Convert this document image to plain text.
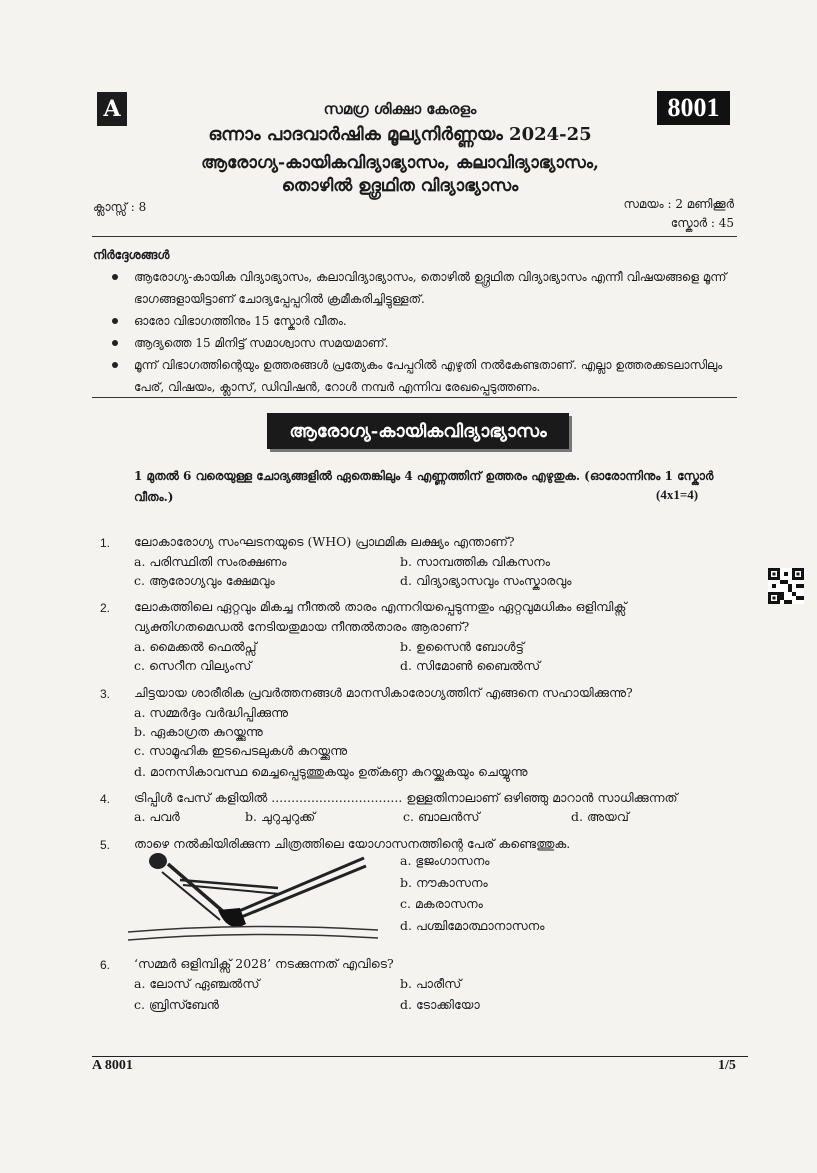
A	8001
സമഗ്ര ശിക്ഷാ കേരളം
ഒന്നാം പാദവാർഷിക മൂല്യനിർണ്ണയം 2024-25
ആരോഗ്യ-കായികവിദ്യാഭ്യാസം, കലാവിദ്യാഭ്യാസം,
തൊഴിൽ ഉദ്ഗ്രഥിത വിദ്യാഭ്യാസം
ക്ലാസ്സ് : 8	സമയം : 2 മണിക്കൂർ
സ്കോർ : 45
നിർദ്ദേശങ്ങൾ
ആരോഗ്യ-കായിക വിദ്യാഭ്യാസം, കലാവിദ്യാഭ്യാസം, തൊഴിൽ ഉദ്ഗ്രഥിത വിദ്യാഭ്യാസം എന്നീ വിഷയങ്ങളെ മൂന്ന് ഭാഗങ്ങളായിട്ടാണ് ചോദ്യപ്പേപ്പറിൽ ക്രമീകരിച്ചിട്ടുള്ളത്.
ഓരോ വിഭാഗത്തിനും 15 സ്കോർ വീതം.
ആദ്യത്തെ 15 മിനിട്ട് സമാശ്വാസ സമയമാണ്.
മൂന്ന് വിഭാഗത്തിന്റെയും ഉത്തരങ്ങൾ പ്രത്യേകം പേപ്പറിൽ എഴുതി നൽകേണ്ടതാണ്. എല്ലാ ഉത്തരക്കടലാസിലും പേര്, വിഷയം, ക്ലാസ്, ഡിവിഷൻ, റോൾ നമ്പർ എന്നിവ രേഖപ്പെടുത്തണം.
ആരോഗ്യ-കായികവിദ്യാഭ്യാസം
1 മുതൽ 6 വരെയുള്ള ചോദ്യങ്ങളിൽ ഏതെങ്കിലും 4 എണ്ണത്തിന് ഉത്തരം എഴുതുക. (ഓരോന്നിനും 1 സ്കോർ വീതം.)	(4x1=4)
1. ലോകാരോഗ്യ സംഘടനയുടെ (WHO) പ്രാഥമിക ലക്ഷ്യം എന്താണ്?
a. പരിസ്ഥിതി സംരക്ഷണം	b. സാമ്പത്തിക വികസനം
c. ആരോഗ്യവും ക്ഷേമവും	d. വിദ്യാഭ്യാസവും സംസ്കാരവും
2. ലോകത്തിലെ ഏറ്റവും മികച്ച നീന്തൽ താരം എന്നറിയപ്പെടുന്നതും ഏറ്റവുമധികം ഒളിമ്പിക്സ് വ്യക്തിഗതമെഡൽ നേടിയതുമായ നീന്തൽതാരം ആരാണ്?
a. മൈക്കൽ ഫെൽപ്സ്	b. ഉസൈൻ ബോൾട്ട്
c. സെറീന വില്യംസ്	d. സിമോൺ ബൈൽസ്
3. ചിട്ടയായ ശാരീരിക പ്രവർത്തനങ്ങൾ മാനസികാരോഗ്യത്തിന് എങ്ങനെ സഹായിക്കുന്നു?
a. സമ്മർദ്ദം വർദ്ധിപ്പിക്കുന്നു
b. ഏകാഗ്രത കുറയ്ക്കുന്നു
c. സാമൂഹിക ഇടപെടലുകൾ കുറയ്ക്കുന്നു
d. മാനസികാവസ്ഥ മെച്ചപ്പെടുത്തുകയും ഉത്കണ്ഠ കുറയ്ക്കുകയും ചെയ്യുന്നു
4. ട്രിപ്പിൾ പേസ് കളിയിൽ ................................. ഉള്ളതിനാലാണ് ഒഴിഞ്ഞു മാറാൻ സാധിക്കുന്നത്
a. പവർ	b. ചുറുചുറുക്ക്	c. ബാലൻസ്	d. അയവ്
5. താഴെ നൽകിയിരിക്കുന്ന ചിത്രത്തിലെ യോഗാസനത്തിന്റെ പേര് കണ്ടെത്തുക.
a. ഭുജംഗാസനം
b. നൗകാസനം
c. മകരാസനം
d. പശ്ചിമോത്ഥാനാസനം
6. ‘സമ്മർ ഒളിമ്പിക്സ് 2028’ നടക്കുന്നത് എവിടെ?
a. ലോസ് ഏഞ്ചൽസ്	b. പാരീസ്
c. ബ്രിസ്ബേൻ	d. ടോക്കിയോ
A 8001	1/5
